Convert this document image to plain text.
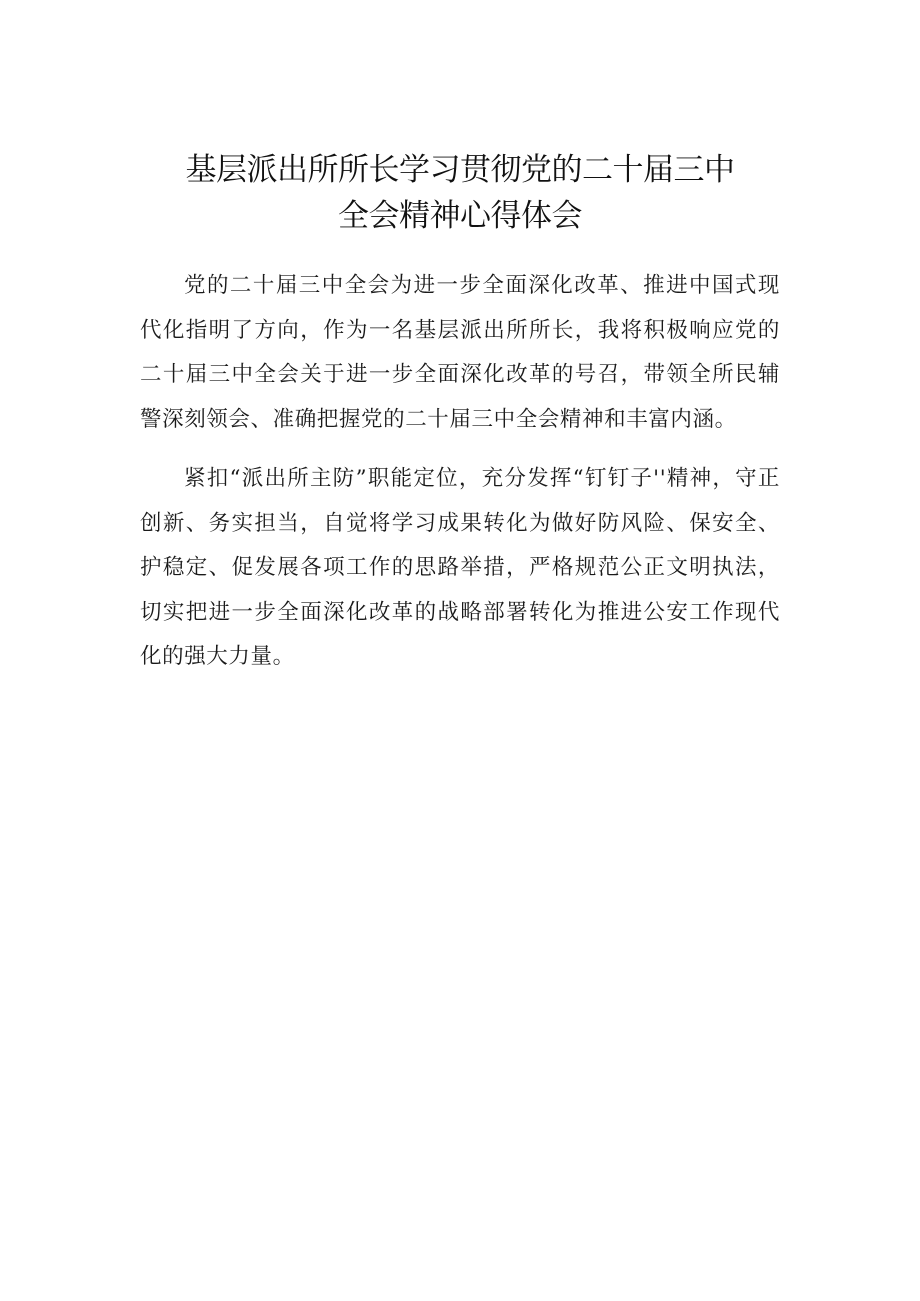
基层派出所所长学习贯彻党的二十届三中
全会精神心得体会

党的二十届三中全会为进一步全面深化改革、推进中国式现代化指明了方向，作为一名基层派出所所长，我将积极响应党的二十届三中全会关于进一步全面深化改革的号召，带领全所民辅警深刻领会、准确把握党的二十届三中全会精神和丰富内涵。

紧扣“派出所主防”职能定位，充分发挥“钉钉子''精神，守正创新、务实担当，自觉将学习成果转化为做好防风险、保安全、护稳定、促发展各项工作的思路举措，严格规范公正文明执法，切实把进一步全面深化改革的战略部署转化为推进公安工作现代化的强大力量。
